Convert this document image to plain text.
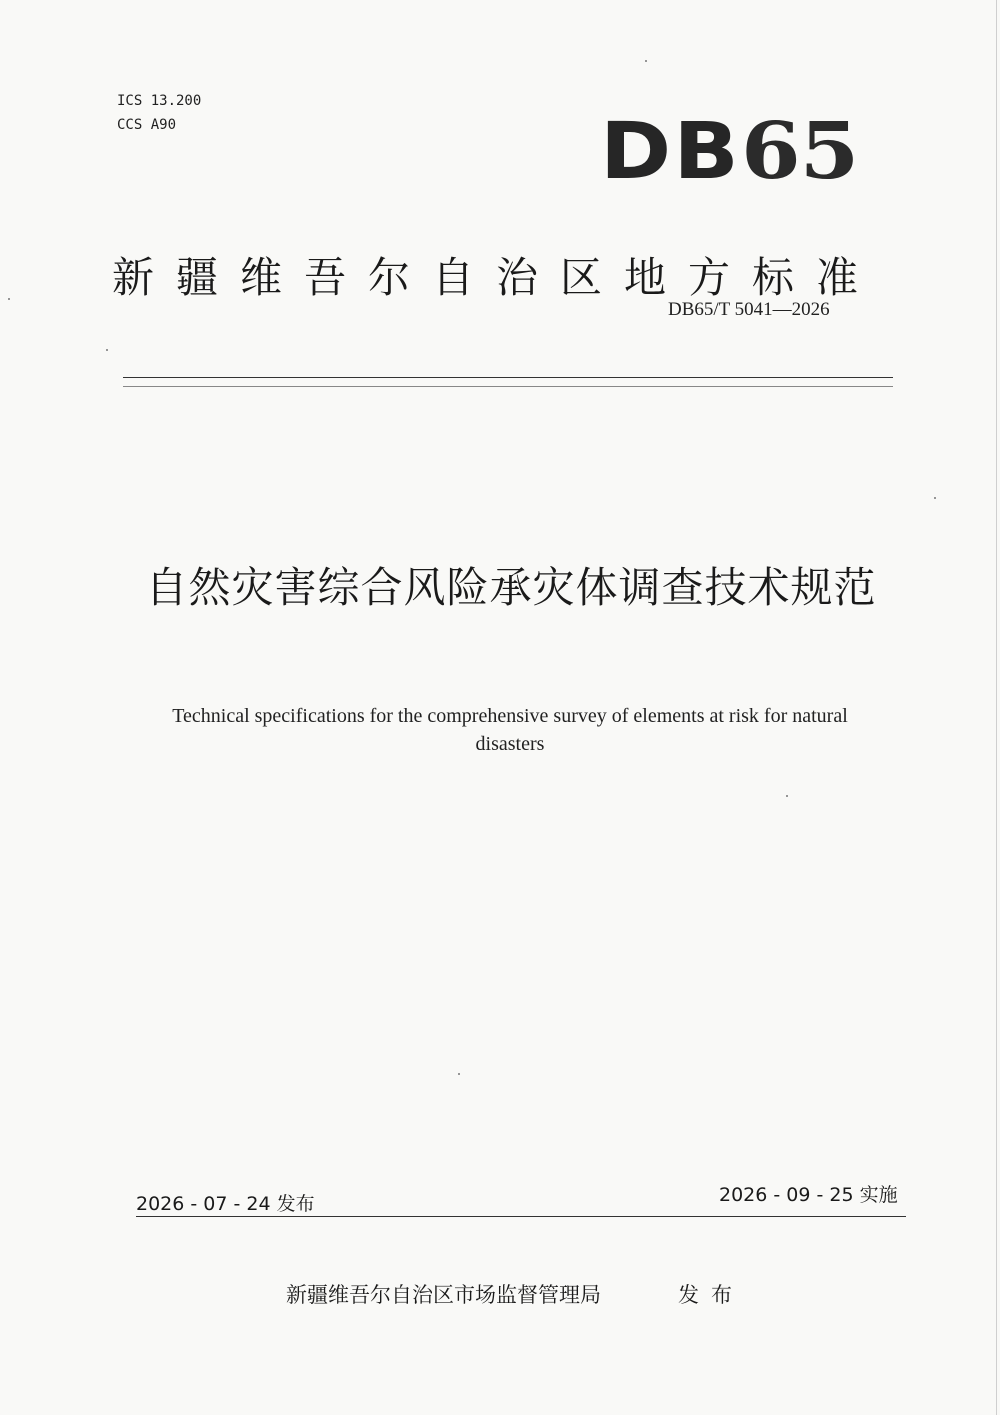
ICS 13.200
CCS A90	DB65
新疆维吾尔自治区地方标准
DB65/T 5041—2026
自然灾害综合风险承灾体调查技术规范
Technical specifications for the comprehensive survey of elements at risk for natural
disasters
2026 - 07 - 24 发布	2026 - 09 - 25 实施
新疆维吾尔自治区市场监督管理局	发布
